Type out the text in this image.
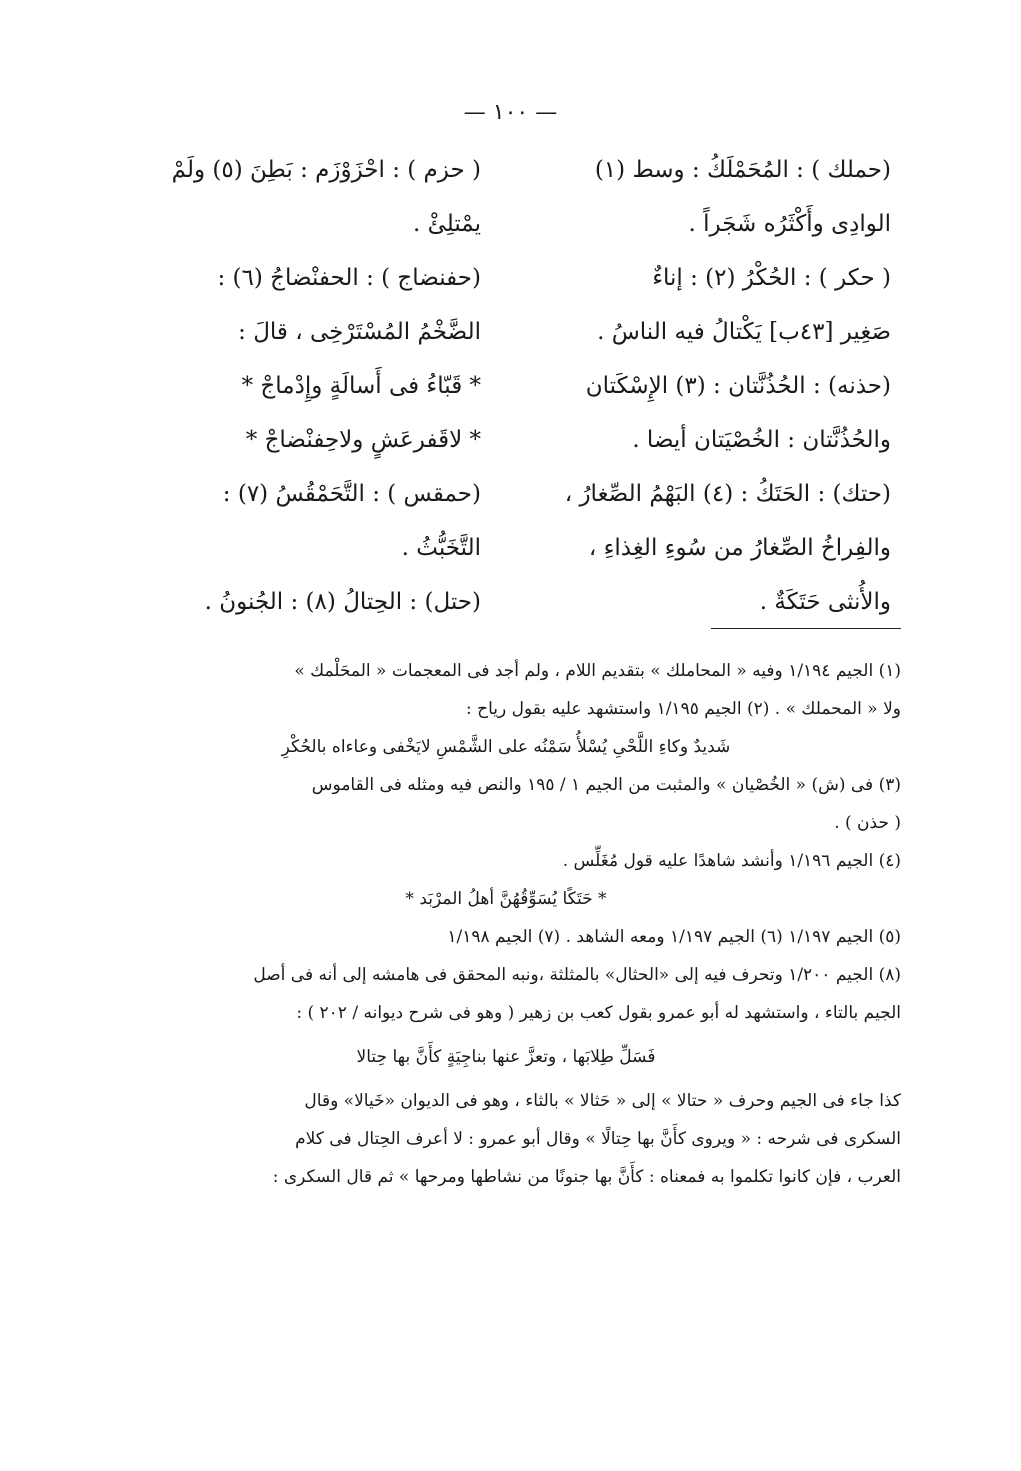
— ١٠٠ —
(حملك ) : المُحَمْلَكُ : وسط (١)
الوادِى وأَكْثَرُه شَجَراً .
( حكر ) : الحُكْرُ (٢) : إناءٌ
صَغِير [٤٣ب] يَكْتالُ فيه الناسُ .
(حذنه) : الحُذُنَّتان : (٣) الإِسْكَتان
والحُذُنَّتان : الخُصْيَتان أيضا .
(حتك) : الحَتَكُ : (٤) البَهْمُ الصِّغارُ ،
والفِراخُ الصِّغارُ من سُوءِ الغِذاءِ ،
والأُنثى حَتَكَةٌ .
( حزم ) : احْزَوْزَم : بَطِنَ (٥) ولَمْ
يمْتلِئْ .
(حفنضاج ) : الحفنْضاجُ (٦) :
الضَّخْمُ المُسْتَرْخِى ، قالَ :
* قَبّاءُ فى أَسالَةٍ وإِدْماجْ *
* لاقَفرعَشٍ ولاحِفنْضاجْ *
(حمقس ) : التَّحَمْقُسُ (٧) :
التَّخَبُّثُ .
(حتل) : الحِتالُ (٨) : الجُنونُ .
(١) الجيم ١/١٩٤ وفيه « المحاملك » بتقديم اللام ، ولم أجد فى المعجمات « المحَلْمك »
ولا « المحملك » . (٢) الجيم ١/١٩٥ واستشهد عليه بقول رياح :
شَديدٌ وكاءِ اللَّحْىِ يُسْلأُ سَمْنُه على الشَّمْسِ لايَخْفى وعاءاه بالحُكْرِ
(٣) فى (ش) « الخُصْيان » والمثبت من الجيم ١ / ١٩٥ والنص فيه ومثله فى القاموس
( حذن ) .
(٤) الجيم ١/١٩٦ وأنشد شاهدًا عليه قول مُغَلِّس .
* حَتَكًا يُسَوِّقُهُنَّ أهلُ المرْبَد *
(٥) الجيم ١/١٩٧ (٦) الجيم ١/١٩٧ ومعه الشاهد . (٧) الجيم ١/١٩٨
(٨) الجيم ١/٢٠٠ وتحرف فيه إلى «الحثال» بالمثلثة ،ونبه المحقق فى هامشه إلى أنه فى أصل
الجيم بالتاء ، واستشهد له أبو عمرو بقول كعب بن زهير ( وهو فى شرح ديوانه / ٢٠٢ ) :
فَسَلِّ طِلابَها ، وتعزَّ عنها بناجِيَةٍ كأَنَّ بها حِتالا
كذا جاء فى الجيم وحرف « حتالا » إلى « حَثالا » بالثاء ، وهو فى الديوان «خَيالا» وقال
السكرى فى شرحه : « ويروى كأَنَّ بها حِتالًا » وقال أبو عمرو : لا أعرف الحِتال فى كلام
العرب ، فإن كانوا تكلموا به فمعناه : كأَنَّ بها جنونًا من نشاطها ومرحها » ثم قال السكرى :
